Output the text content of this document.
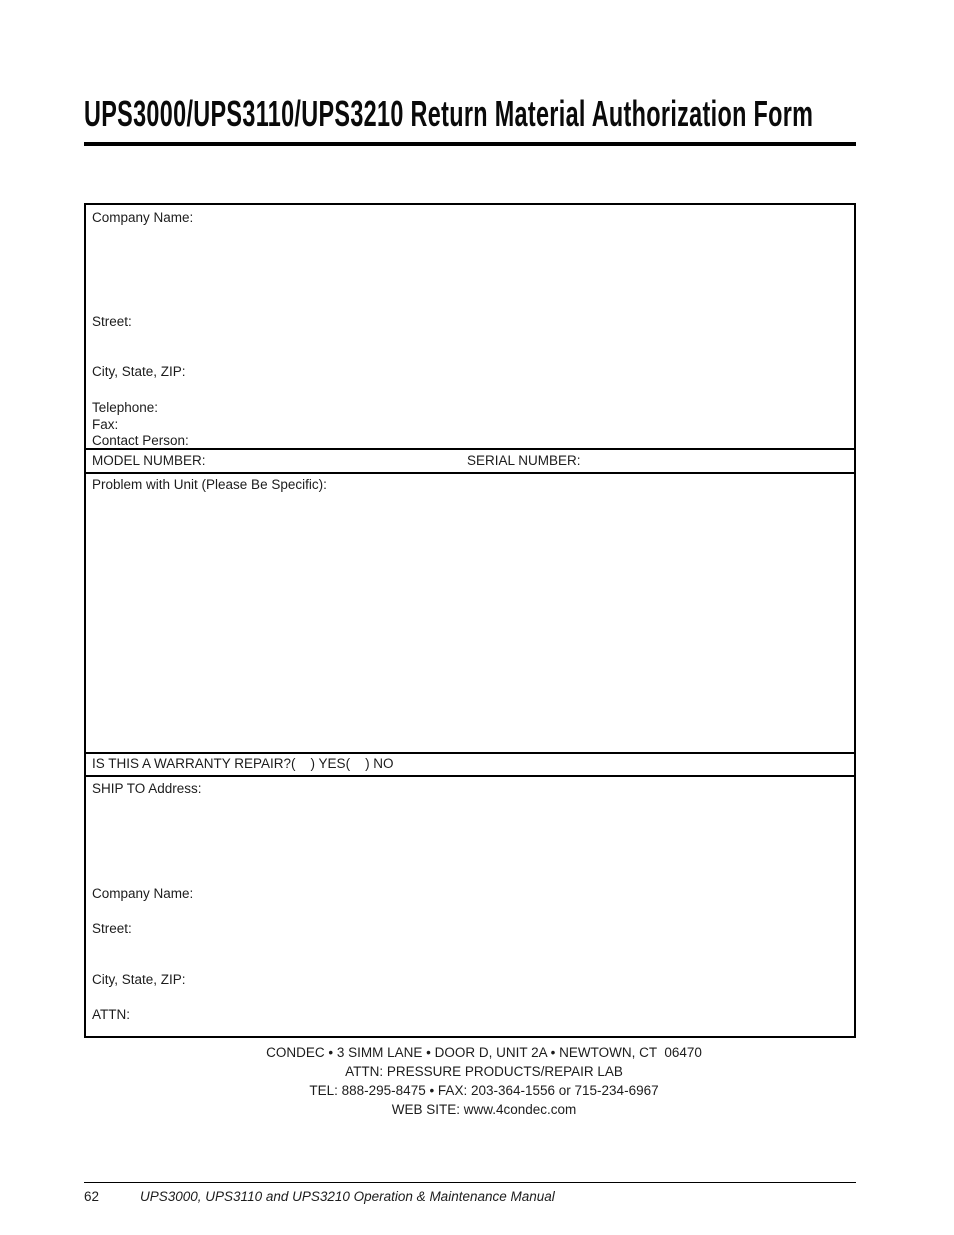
UPS3000/UPS3110/UPS3210 Return Material Authorization Form
Company Name:
Street:
City, State, ZIP:
Telephone:
Fax:
Contact Person:
MODEL NUMBER:	SERIAL NUMBER:
Problem with Unit (Please Be Specific):
IS THIS A WARRANTY REPAIR?(    ) YES(    ) NO
SHIP TO Address:
Company Name:
Street:
City, State, ZIP:
ATTN:
CONDEC • 3 SIMM LANE • DOOR D, UNIT 2A • NEWTOWN, CT  06470
ATTN: PRESSURE PRODUCTS/REPAIR LAB
TEL: 888-295-8475 • FAX: 203-364-1556 or 715-234-6967
WEB SITE: www.4condec.com
62	UPS3000, UPS3110 and UPS3210 Operation & Maintenance Manual
